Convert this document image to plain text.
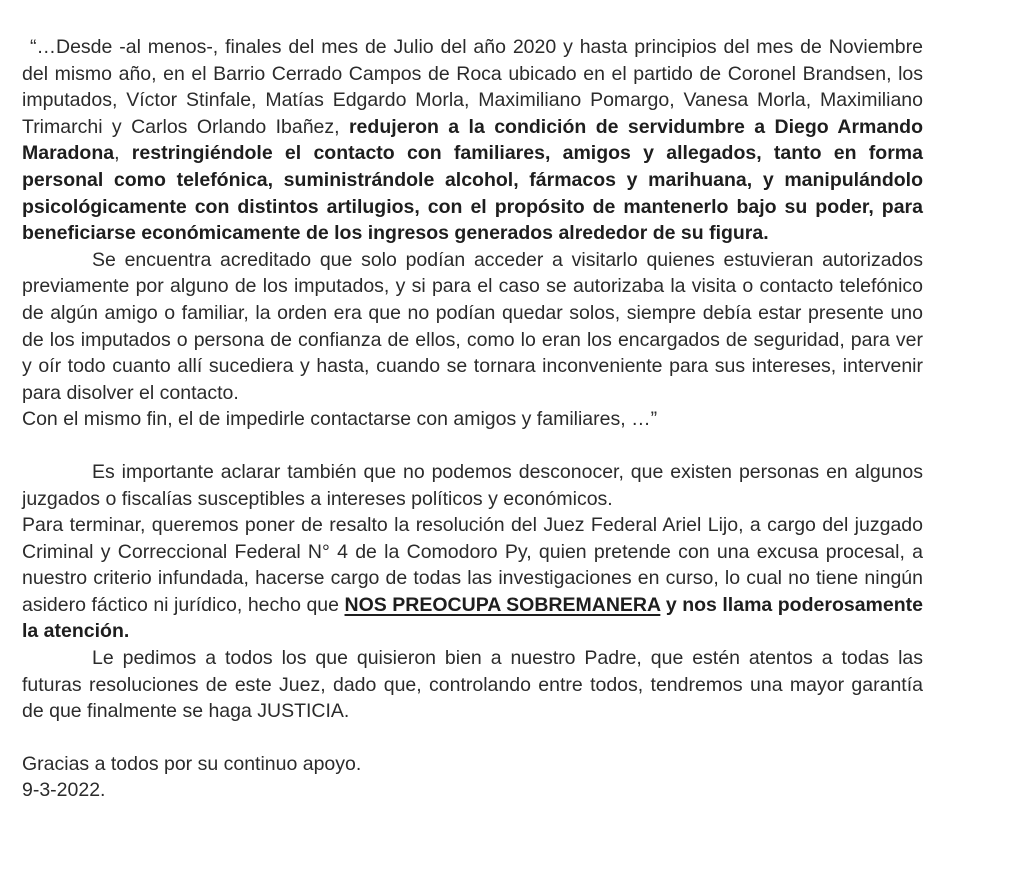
“…Desde -al menos-, finales del mes de Julio del año 2020 y hasta principios del mes de Noviembre del mismo año, en el Barrio Cerrado Campos de Roca ubicado en el partido de Coronel Brandsen, los imputados, Víctor Stinfale, Matías Edgardo Morla, Maximiliano Pomargo, Vanesa Morla, Maximiliano Trimarchi y Carlos Orlando Ibañez, redujeron a la condición de servidumbre a Diego Armando Maradona, restringiéndole el contacto con familiares, amigos y allegados, tanto en forma personal como telefónica, suministrándole alcohol, fármacos y marihuana, y manipulándolo psicológicamente con distintos artilugios, con el propósito de mantenerlo bajo su poder, para beneficiarse económicamente de los ingresos generados alrededor de su figura.

Se encuentra acreditado que solo podían acceder a visitarlo quienes estuvieran autorizados previamente por alguno de los imputados, y si para el caso se autorizaba la visita o contacto telefónico de algún amigo o familiar, la orden era que no podían quedar solos, siempre debía estar presente uno de los imputados o persona de confianza de ellos, como lo eran los encargados de seguridad, para ver y oír todo cuanto allí sucediera y hasta, cuando se tornara inconveniente para sus intereses, intervenir para disolver el contacto.

Con el mismo fin, el de impedirle contactarse con amigos y familiares, …”

Es importante aclarar también que no podemos desconocer, que existen personas en algunos juzgados o fiscalías susceptibles a intereses políticos y económicos.

Para terminar, queremos poner de resalto la resolución del Juez Federal Ariel Lijo, a cargo del juzgado Criminal y Correccional Federal N° 4 de la Comodoro Py, quien pretende con una excusa procesal, a nuestro criterio infundada, hacerse cargo de todas las investigaciones en curso, lo cual no tiene ningún asidero fáctico ni jurídico, hecho que NOS PREOCUPA SOBREMANERA y nos llama poderosamente la atención.

Le pedimos a todos los que quisieron bien a nuestro Padre, que estén atentos a todas las futuras resoluciones de este Juez, dado que, controlando entre todos, tendremos una mayor garantía de que finalmente se haga JUSTICIA.

Gracias a todos por su continuo apoyo.

9-3-2022.
